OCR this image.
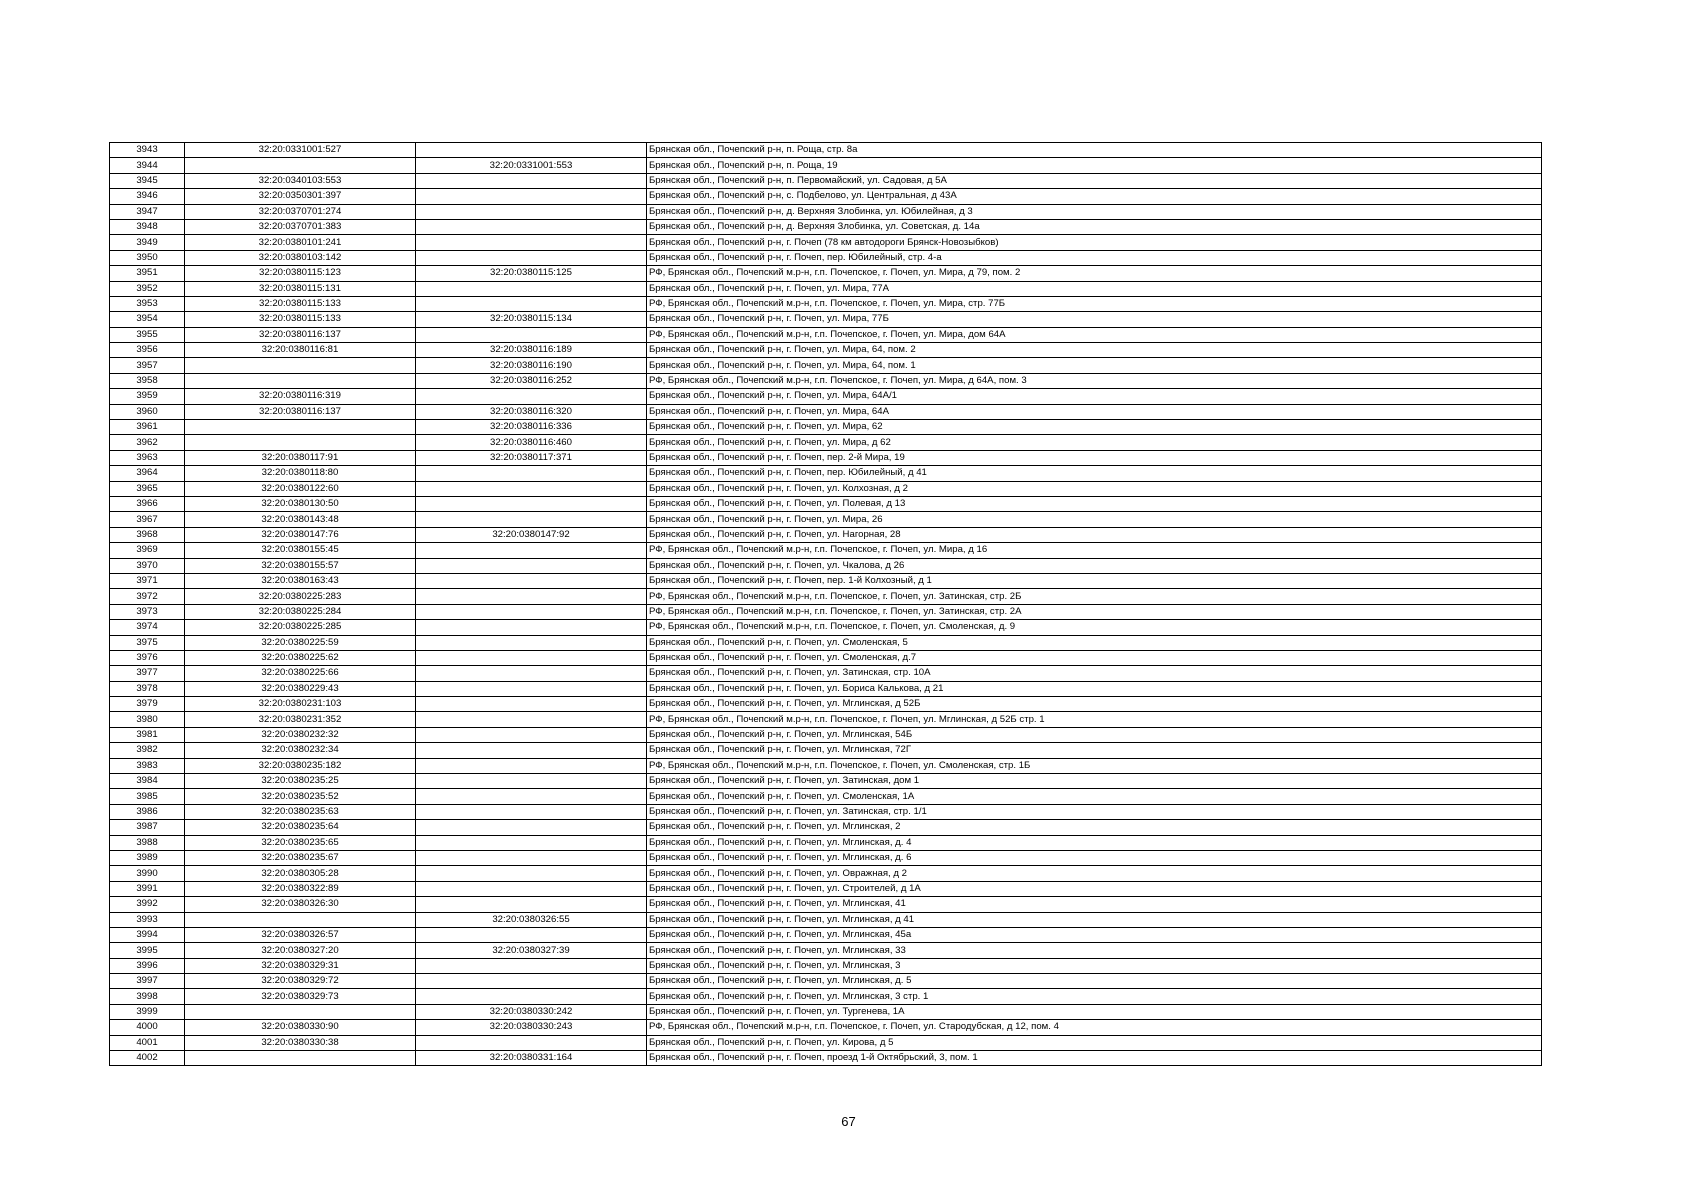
3943	32:20:0331001:527		Брянская обл., Почепский р-н, п. Роща, стр. 8а
3944		32:20:0331001:553	Брянская обл., Почепский р-н, п. Роща, 19
3945	32:20:0340103:553		Брянская обл., Почепский р-н, п. Первомайский, ул. Садовая, д 5А
3946	32:20:0350301:397		Брянская обл., Почепский р-н, с. Подбелово, ул. Центральная, д 43А
3947	32:20:0370701:274		Брянская обл., Почепский р-н, д. Верхняя Злобинка, ул. Юбилейная, д 3
3948	32:20:0370701:383		Брянская обл., Почепский р-н, д. Верхняя Злобинка, ул. Советская, д. 14а
3949	32:20:0380101:241		Брянская обл., Почепский р-н, г. Почеп (78 км автодороги Брянск-Новозыбков)
3950	32:20:0380103:142		Брянская обл., Почепский р-н, г. Почеп, пер. Юбилейный, стр. 4-а
3951	32:20:0380115:123	32:20:0380115:125	РФ, Брянская обл., Почепский м.р-н, г.п. Почепское, г. Почеп, ул. Мира, д 79, пом. 2
3952	32:20:0380115:131		Брянская обл., Почепский р-н, г. Почеп, ул. Мира, 77А
3953	32:20:0380115:133		РФ, Брянская обл., Почепский м.р-н, г.п. Почепское, г. Почеп, ул. Мира, стр. 77Б
3954	32:20:0380115:133	32:20:0380115:134	Брянская обл., Почепский р-н, г. Почеп, ул. Мира, 77Б
3955	32:20:0380116:137		РФ, Брянская обл., Почепский м.р-н, г.п. Почепское, г. Почеп, ул. Мира, дом 64А
3956	32:20:0380116:81	32:20:0380116:189	Брянская обл., Почепский р-н, г. Почеп, ул. Мира, 64, пом. 2
3957		32:20:0380116:190	Брянская обл., Почепский р-н, г. Почеп, ул. Мира, 64, пом. 1
3958		32:20:0380116:252	РФ, Брянская обл., Почепский м.р-н, г.п. Почепское, г. Почеп, ул. Мира, д 64А, пом. 3
3959	32:20:0380116:319		Брянская обл., Почепский р-н, г. Почеп, ул. Мира, 64А/1
3960	32:20:0380116:137	32:20:0380116:320	Брянская обл., Почепский р-н, г. Почеп, ул. Мира, 64А
3961		32:20:0380116:336	Брянская обл., Почепский р-н, г. Почеп, ул. Мира, 62
3962		32:20:0380116:460	Брянская обл., Почепский р-н, г. Почеп, ул. Мира, д 62
3963	32:20:0380117:91	32:20:0380117:371	Брянская обл., Почепский р-н, г. Почеп, пер. 2-й Мира, 19
3964	32:20:0380118:80		Брянская обл., Почепский р-н, г. Почеп, пер. Юбилейный, д 41
3965	32:20:0380122:60		Брянская обл., Почепский р-н, г. Почеп, ул. Колхозная, д 2
3966	32:20:0380130:50		Брянская обл., Почепский р-н, г. Почеп, ул. Полевая, д 13
3967	32:20:0380143:48		Брянская обл., Почепский р-н, г. Почеп, ул. Мира, 26
3968	32:20:0380147:76	32:20:0380147:92	Брянская обл., Почепский р-н, г. Почеп, ул. Нагорная, 28
3969	32:20:0380155:45		РФ, Брянская обл., Почепский м.р-н, г.п. Почепское, г. Почеп, ул. Мира, д 16
3970	32:20:0380155:57		Брянская обл., Почепский р-н, г. Почеп, ул. Чкалова, д 26
3971	32:20:0380163:43		Брянская обл., Почепский р-н, г. Почеп, пер. 1-й Колхозный, д 1
3972	32:20:0380225:283		РФ, Брянская обл., Почепский м.р-н, г.п. Почепское, г. Почеп, ул. Затинская, стр. 2Б
3973	32:20:0380225:284		РФ, Брянская обл., Почепский м.р-н, г.п. Почепское, г. Почеп, ул. Затинская, стр. 2А
3974	32:20:0380225:285		РФ, Брянская обл., Почепский м.р-н, г.п. Почепское, г. Почеп, ул. Смоленская, д. 9
3975	32:20:0380225:59		Брянская обл., Почепский р-н, г. Почеп, ул. Смоленская, 5
3976	32:20:0380225:62		Брянская обл., Почепский р-н, г. Почеп, ул. Смоленская, д.7
3977	32:20:0380225:66		Брянская обл., Почепский р-н, г. Почеп, ул. Затинская, стр. 10А
3978	32:20:0380229:43		Брянская обл., Почепский р-н, г. Почеп, ул. Бориса Калькова, д 21
3979	32:20:0380231:103		Брянская обл., Почепский р-н, г. Почеп, ул. Мглинская, д 52Б
3980	32:20:0380231:352		РФ, Брянская обл., Почепский м.р-н, г.п. Почепское, г. Почеп, ул. Мглинская, д 52Б стр. 1
3981	32:20:0380232:32		Брянская обл., Почепский р-н, г. Почеп, ул. Мглинская, 54Б
3982	32:20:0380232:34		Брянская обл., Почепский р-н, г. Почеп, ул. Мглинская, 72Г
3983	32:20:0380235:182		РФ, Брянская обл., Почепский м.р-н, г.п. Почепское, г. Почеп, ул. Смоленская, стр. 1Б
3984	32:20:0380235:25		Брянская обл., Почепский р-н, г. Почеп, ул. Затинская, дом 1
3985	32:20:0380235:52		Брянская обл., Почепский р-н, г. Почеп, ул. Смоленская, 1А
3986	32:20:0380235:63		Брянская обл., Почепский р-н, г. Почеп, ул. Затинская, стр. 1/1
3987	32:20:0380235:64		Брянская обл., Почепский р-н, г. Почеп, ул. Мглинская, 2
3988	32:20:0380235:65		Брянская обл., Почепский р-н, г. Почеп, ул. Мглинская, д. 4
3989	32:20:0380235:67		Брянская обл., Почепский р-н, г. Почеп, ул. Мглинская, д. 6
3990	32:20:0380305:28		Брянская обл., Почепский р-н, г. Почеп, ул. Овражная, д 2
3991	32:20:0380322:89		Брянская обл., Почепский р-н, г. Почеп, ул. Строителей, д 1А
3992	32:20:0380326:30		Брянская обл., Почепский р-н, г. Почеп, ул. Мглинская, 41
3993		32:20:0380326:55	Брянская обл., Почепский р-н, г. Почеп, ул. Мглинская, д 41
3994	32:20:0380326:57		Брянская обл., Почепский р-н, г. Почеп, ул. Мглинская, 45а
3995	32:20:0380327:20	32:20:0380327:39	Брянская обл., Почепский р-н, г. Почеп, ул. Мглинская, 33
3996	32:20:0380329:31		Брянская обл., Почепский р-н, г. Почеп, ул. Мглинская, 3
3997	32:20:0380329:72		Брянская обл., Почепский р-н, г. Почеп, ул. Мглинская, д. 5
3998	32:20:0380329:73		Брянская обл., Почепский р-н, г. Почеп, ул. Мглинская, 3 стр. 1
3999		32:20:0380330:242	Брянская обл., Почепский р-н, г. Почеп, ул. Тургенева, 1А
4000	32:20:0380330:90	32:20:0380330:243	РФ, Брянская обл., Почепский м.р-н, г.п. Почепское, г. Почеп, ул. Стародубская, д 12, пом. 4
4001	32:20:0380330:38		Брянская обл., Почепский р-н, г. Почеп, ул. Кирова, д 5
4002		32:20:0380331:164	Брянская обл., Почепский р-н, г. Почеп, проезд 1-й Октябрьский, 3, пом. 1
67
